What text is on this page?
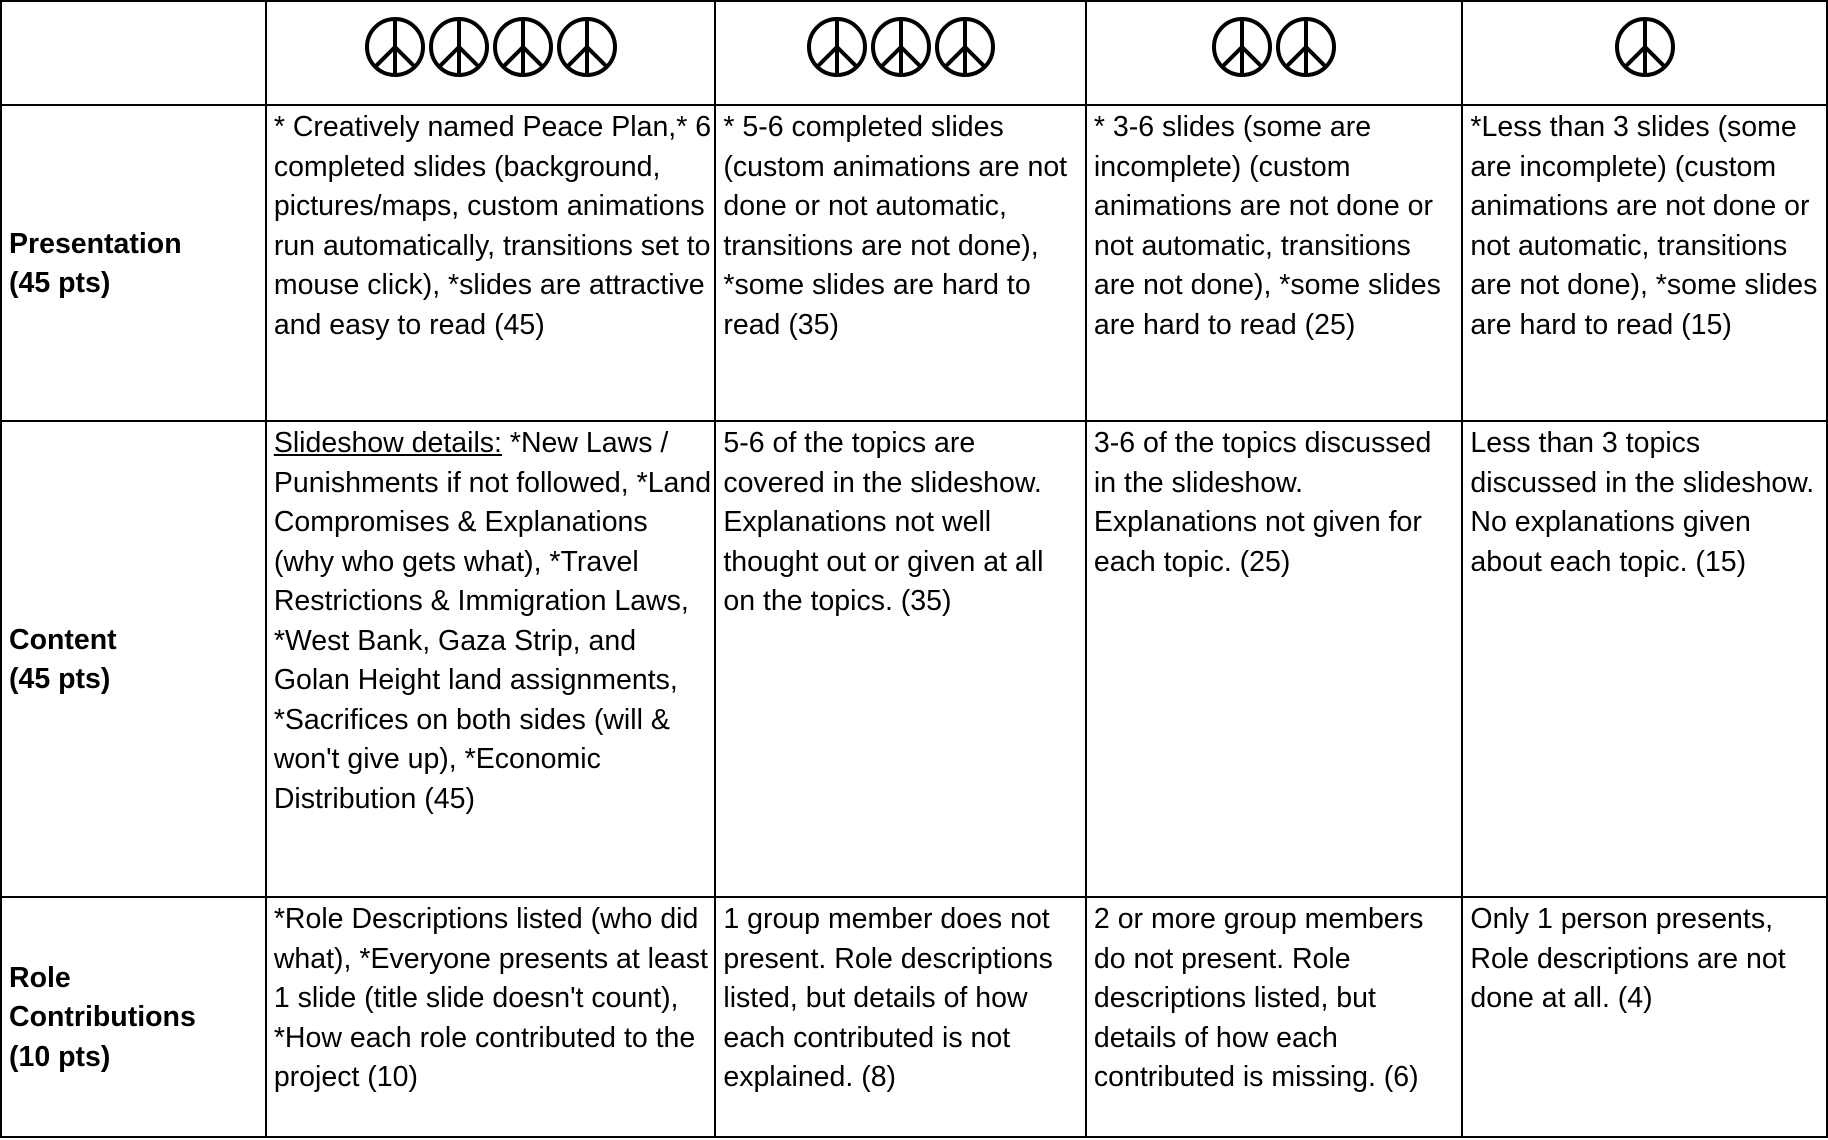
Presentation
(45 pts)	* Creatively named Peace Plan,* 6 completed slides (background, pictures/maps, custom animations run automatically, transitions set to mouse click), *slides are attractive and easy to read (45)	* 5-6 completed slides (custom animations are not done or not automatic, transitions are not done), *some slides are hard to read (35)	* 3-6 slides (some are incomplete) (custom animations are not done or not automatic, transitions are not done), *some slides are hard to read (25)	*Less than 3 slides (some are incomplete) (custom animations are not done or not automatic, transitions are not done), *some slides are hard to read (15)

Content
(45 pts)	Slideshow details: *New Laws / Punishments if not followed, *Land Compromises & Explanations (why who gets what), *Travel Restrictions & Immigration Laws, *West Bank, Gaza Strip, and Golan Height land assignments, *Sacrifices on both sides (will & won't give up), *Economic Distribution (45)	5-6 of the topics are covered in the slideshow. Explanations not well thought out or given at all on the topics. (35)	3-6 of the topics discussed in the slideshow. Explanations not given for each topic. (25)	Less than 3 topics discussed in the slideshow. No explanations given about each topic. (15)

Role
Contributions
(10 pts)	*Role Descriptions listed (who did what), *Everyone presents at least 1 slide (title slide doesn't count), *How each role contributed to the project (10)	1 group member does not present. Role descriptions listed, but details of how each contributed is not explained. (8)	2 or more group members do not present. Role descriptions listed, but details of how each contributed is missing. (6)	Only 1 person presents, Role descriptions are not done at all. (4)
